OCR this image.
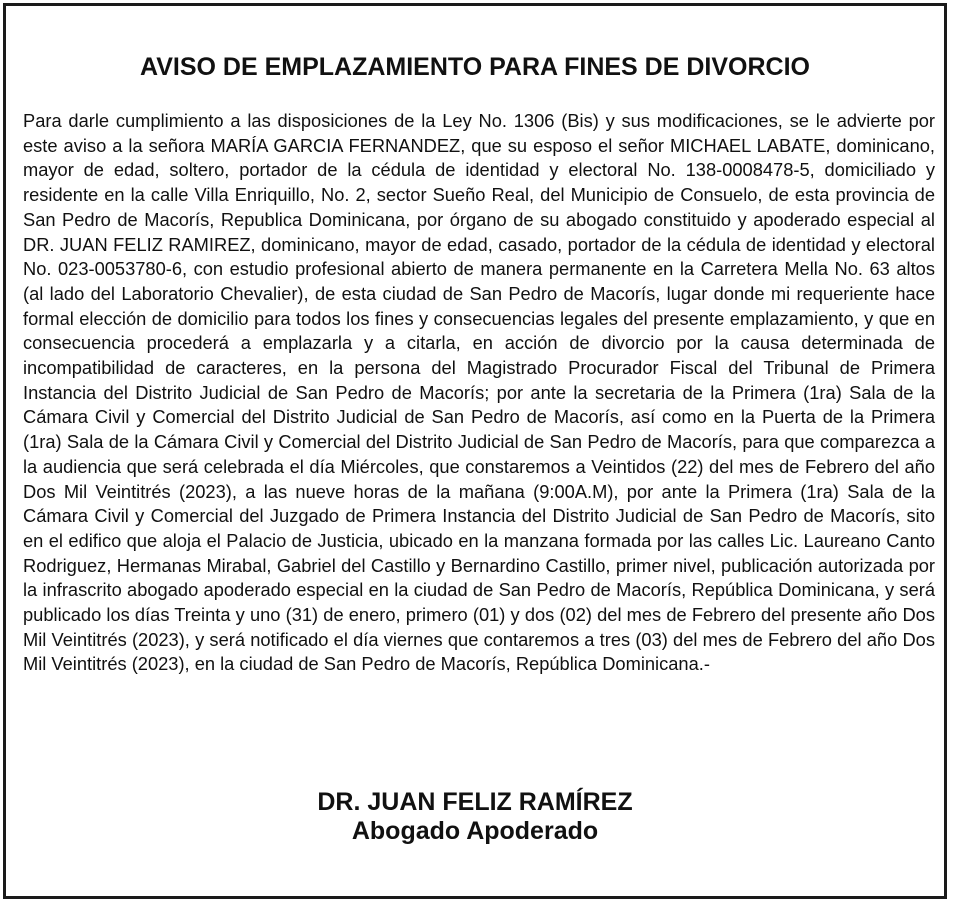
AVISO DE EMPLAZAMIENTO PARA FINES DE DIVORCIO

Para darle cumplimiento a las disposiciones de la Ley No. 1306 (Bis) y sus modificaciones, se le advierte por este aviso a la señora MARÍA GARCIA FERNANDEZ, que su esposo el señor MICHAEL LABATE, dominicano, mayor de edad, soltero, portador de la cédula de identidad y electoral No. 138-0008478-5, domiciliado y residente en la calle Villa Enriquillo, No. 2, sector Sueño Real, del Municipio de Consuelo, de esta provincia de San Pedro de Macorís, Republica Dominicana, por órgano de su abogado constituido y apoderado especial al DR. JUAN FELIZ RAMIREZ, dominicano, mayor de edad, casado, portador de la cédula de identidad y electoral No. 023-0053780-6, con estudio profesional abierto de manera permanente en la Carretera Mella No. 63 altos (al lado del Laboratorio Chevalier), de esta ciudad de San Pedro de Macorís, lugar donde mi requeriente hace formal elección de domicilio para todos los fines y consecuencias legales del presente emplazamiento, y que en consecuencia procederá a emplazarla y a citarla, en acción de divorcio por la causa determinada de incompatibilidad de caracteres, en la persona del Magistrado Procurador Fiscal del Tribunal de Primera Instancia del Distrito Judicial de San Pedro de Macorís; por ante la secretaria de la Primera (1ra) Sala de la Cámara Civil y Comercial del Distrito Judicial de San Pedro de Macorís, así como en la Puerta de la Primera (1ra) Sala de la Cámara Civil y Comercial del Distrito Judicial de San Pedro de Macorís, para que comparezca a la audiencia que será celebrada el día Miércoles, que constaremos a Veintidos (22) del mes de Febrero del año Dos Mil Veintitrés (2023), a las nueve horas de la mañana (9:00A.M), por ante la Primera (1ra) Sala de la Cámara Civil y Comercial del Juzgado de Primera Instancia del Distrito Judicial de San Pedro de Macorís, sito en el edifico que aloja el Palacio de Justicia, ubicado en la manzana formada por las calles Lic. Laureano Canto Rodriguez, Hermanas Mirabal, Gabriel del Castillo y Bernardino Castillo, primer nivel, publicación autorizada por la infrascrito abogado apoderado especial en la ciudad de San Pedro de Macorís, República Dominicana, y será publicado los días Treinta y uno (31) de enero, primero (01) y dos (02) del mes de Febrero del presente año Dos Mil Veintitrés (2023), y será notificado el día viernes que contaremos a tres (03) del mes de Febrero del año Dos Mil Veintitrés (2023), en la ciudad de San Pedro de Macorís, República Dominicana.-

DR. JUAN FELIZ RAMÍREZ
Abogado Apoderado
